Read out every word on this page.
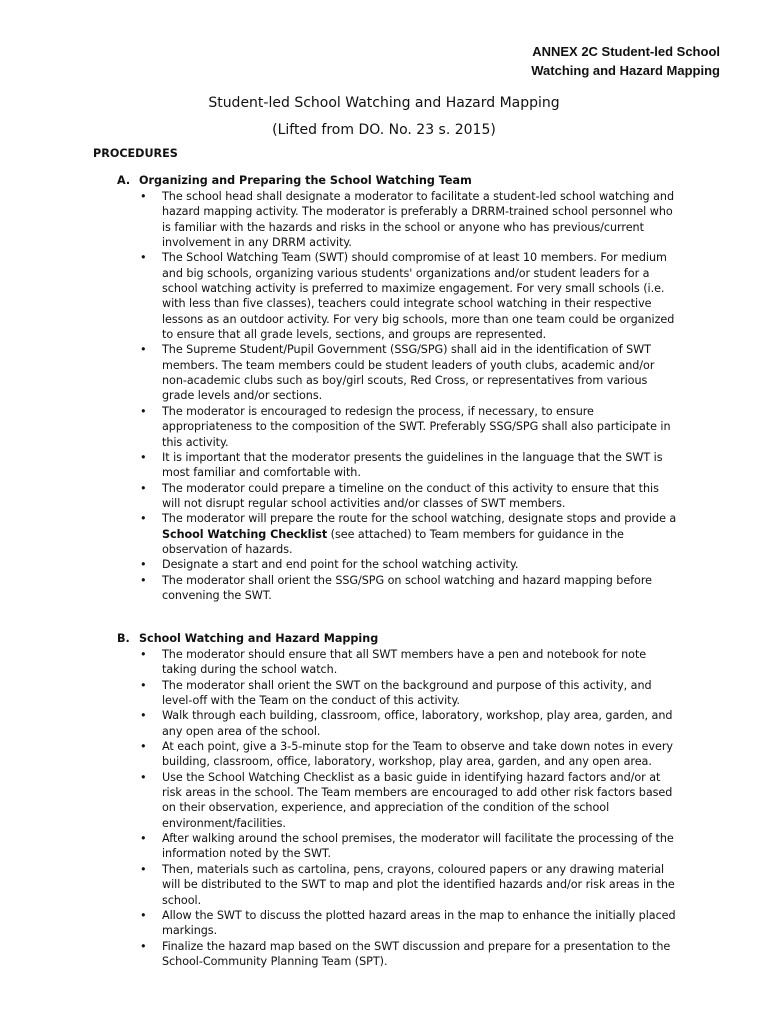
ANNEX 2C Student-led School
Watching and Hazard Mapping
Student-led School Watching and Hazard Mapping
(Lifted from DO. No. 23 s. 2015)
PROCEDURES
A. Organizing and Preparing the School Watching Team
• The school head shall designate a moderator to facilitate a student-led school watching and hazard mapping activity. The moderator is preferably a DRRM-trained school personnel who is familiar with the hazards and risks in the school or anyone who has previous/current involvement in any DRRM activity.
• The School Watching Team (SWT) should compromise of at least 10 members. For medium and big schools, organizing various students' organizations and/or student leaders for a school watching activity is preferred to maximize engagement. For very small schools (i.e. with less than five classes), teachers could integrate school watching in their respective lessons as an outdoor activity. For very big schools, more than one team could be organized to ensure that all grade levels, sections, and groups are represented.
• The Supreme Student/Pupil Government (SSG/SPG) shall aid in the identification of SWT members. The team members could be student leaders of youth clubs, academic and/or non-academic clubs such as boy/girl scouts, Red Cross, or representatives from various grade levels and/or sections.
• The moderator is encouraged to redesign the process, if necessary, to ensure appropriateness to the composition of the SWT. Preferably SSG/SPG shall also participate in this activity.
• It is important that the moderator presents the guidelines in the language that the SWT is most familiar and comfortable with.
• The moderator could prepare a timeline on the conduct of this activity to ensure that this will not disrupt regular school activities and/or classes of SWT members.
• The moderator will prepare the route for the school watching, designate stops and provide a School Watching Checklist (see attached) to Team members for guidance in the observation of hazards.
• Designate a start and end point for the school watching activity.
• The moderator shall orient the SSG/SPG on school watching and hazard mapping before convening the SWT.
B. School Watching and Hazard Mapping
• The moderator should ensure that all SWT members have a pen and notebook for note taking during the school watch.
• The moderator shall orient the SWT on the background and purpose of this activity, and level-off with the Team on the conduct of this activity.
• Walk through each building, classroom, office, laboratory, workshop, play area, garden, and any open area of the school.
• At each point, give a 3-5-minute stop for the Team to observe and take down notes in every building, classroom, office, laboratory, workshop, play area, garden, and any open area.
• Use the School Watching Checklist as a basic guide in identifying hazard factors and/or at risk areas in the school. The Team members are encouraged to add other risk factors based on their observation, experience, and appreciation of the condition of the school environment/facilities.
• After walking around the school premises, the moderator will facilitate the processing of the information noted by the SWT.
• Then, materials such as cartolina, pens, crayons, coloured papers or any drawing material will be distributed to the SWT to map and plot the identified hazards and/or risk areas in the school.
• Allow the SWT to discuss the plotted hazard areas in the map to enhance the initially placed markings.
• Finalize the hazard map based on the SWT discussion and prepare for a presentation to the School-Community Planning Team (SPT).
